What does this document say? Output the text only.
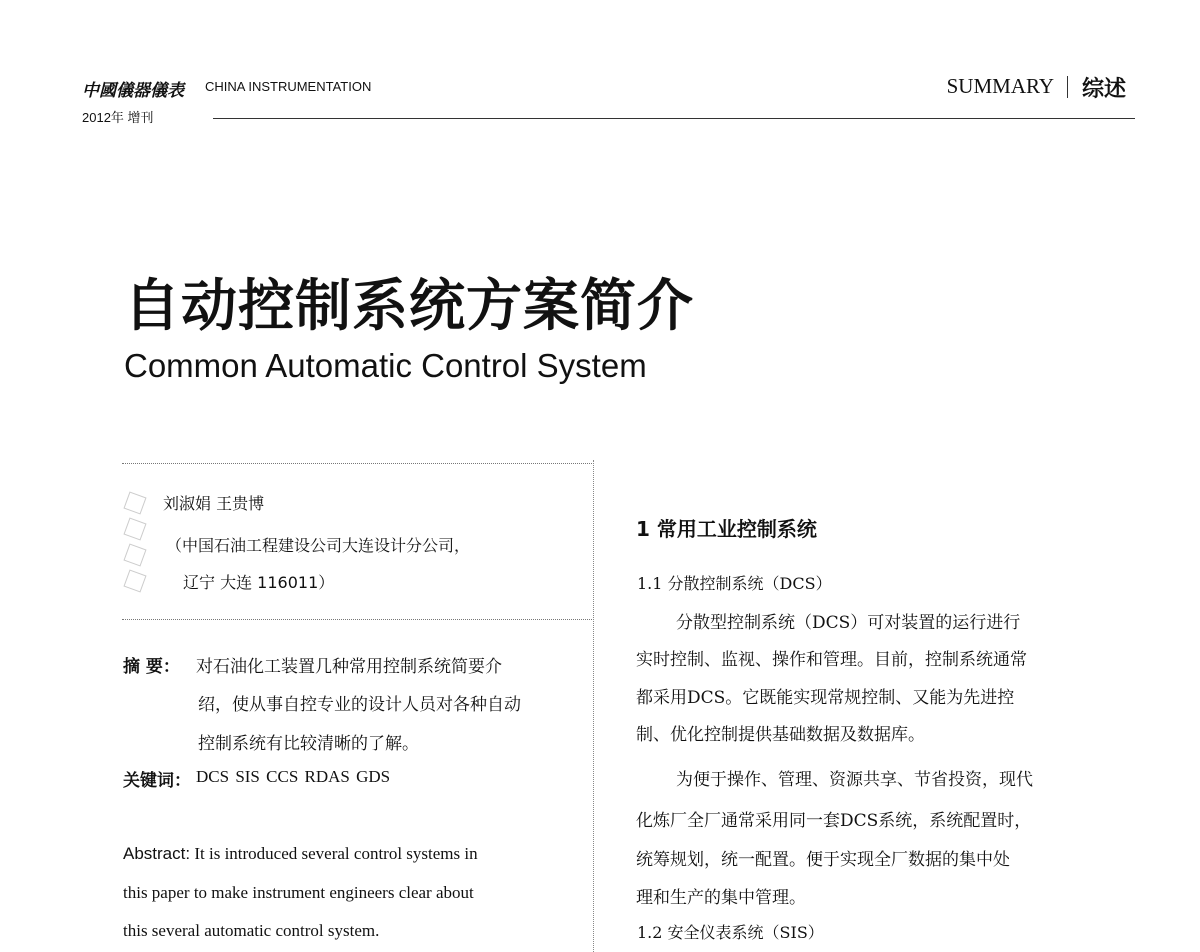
中國儀器儀表 CHINA INSTRUMENTATION
2012年 增刊
SUMMARY 综述
自动控制系统方案简介
Common Automatic Control System
刘淑娟 王贵博
（中国石油工程建设公司大连设计分公司，
辽宁 大连 116011）
摘 要： 对石油化工装置几种常用控制系统简要介
绍，使从事自控专业的设计人员对各种自动
控制系统有比较清晰的了解。
关键词： DCS SIS CCS RDAS GDS
Abstract: It is introduced several control systems in
this paper to make instrument engineers clear about
this several automatic control system.
1 常用工业控制系统
1.1 分散控制系统（DCS）
分散型控制系统（DCS）可对装置的运行进行
实时控制、监视、操作和管理。目前，控制系统通常
都采用DCS。它既能实现常规控制、又能为先进控
制、优化控制提供基础数据及数据库。
为便于操作、管理、资源共享、节省投资，现代
化炼厂全厂通常采用同一套DCS系统，系统配置时，
统筹规划，统一配置。便于实现全厂数据的集中处
理和生产的集中管理。
1.2 安全仪表系统（SIS）
